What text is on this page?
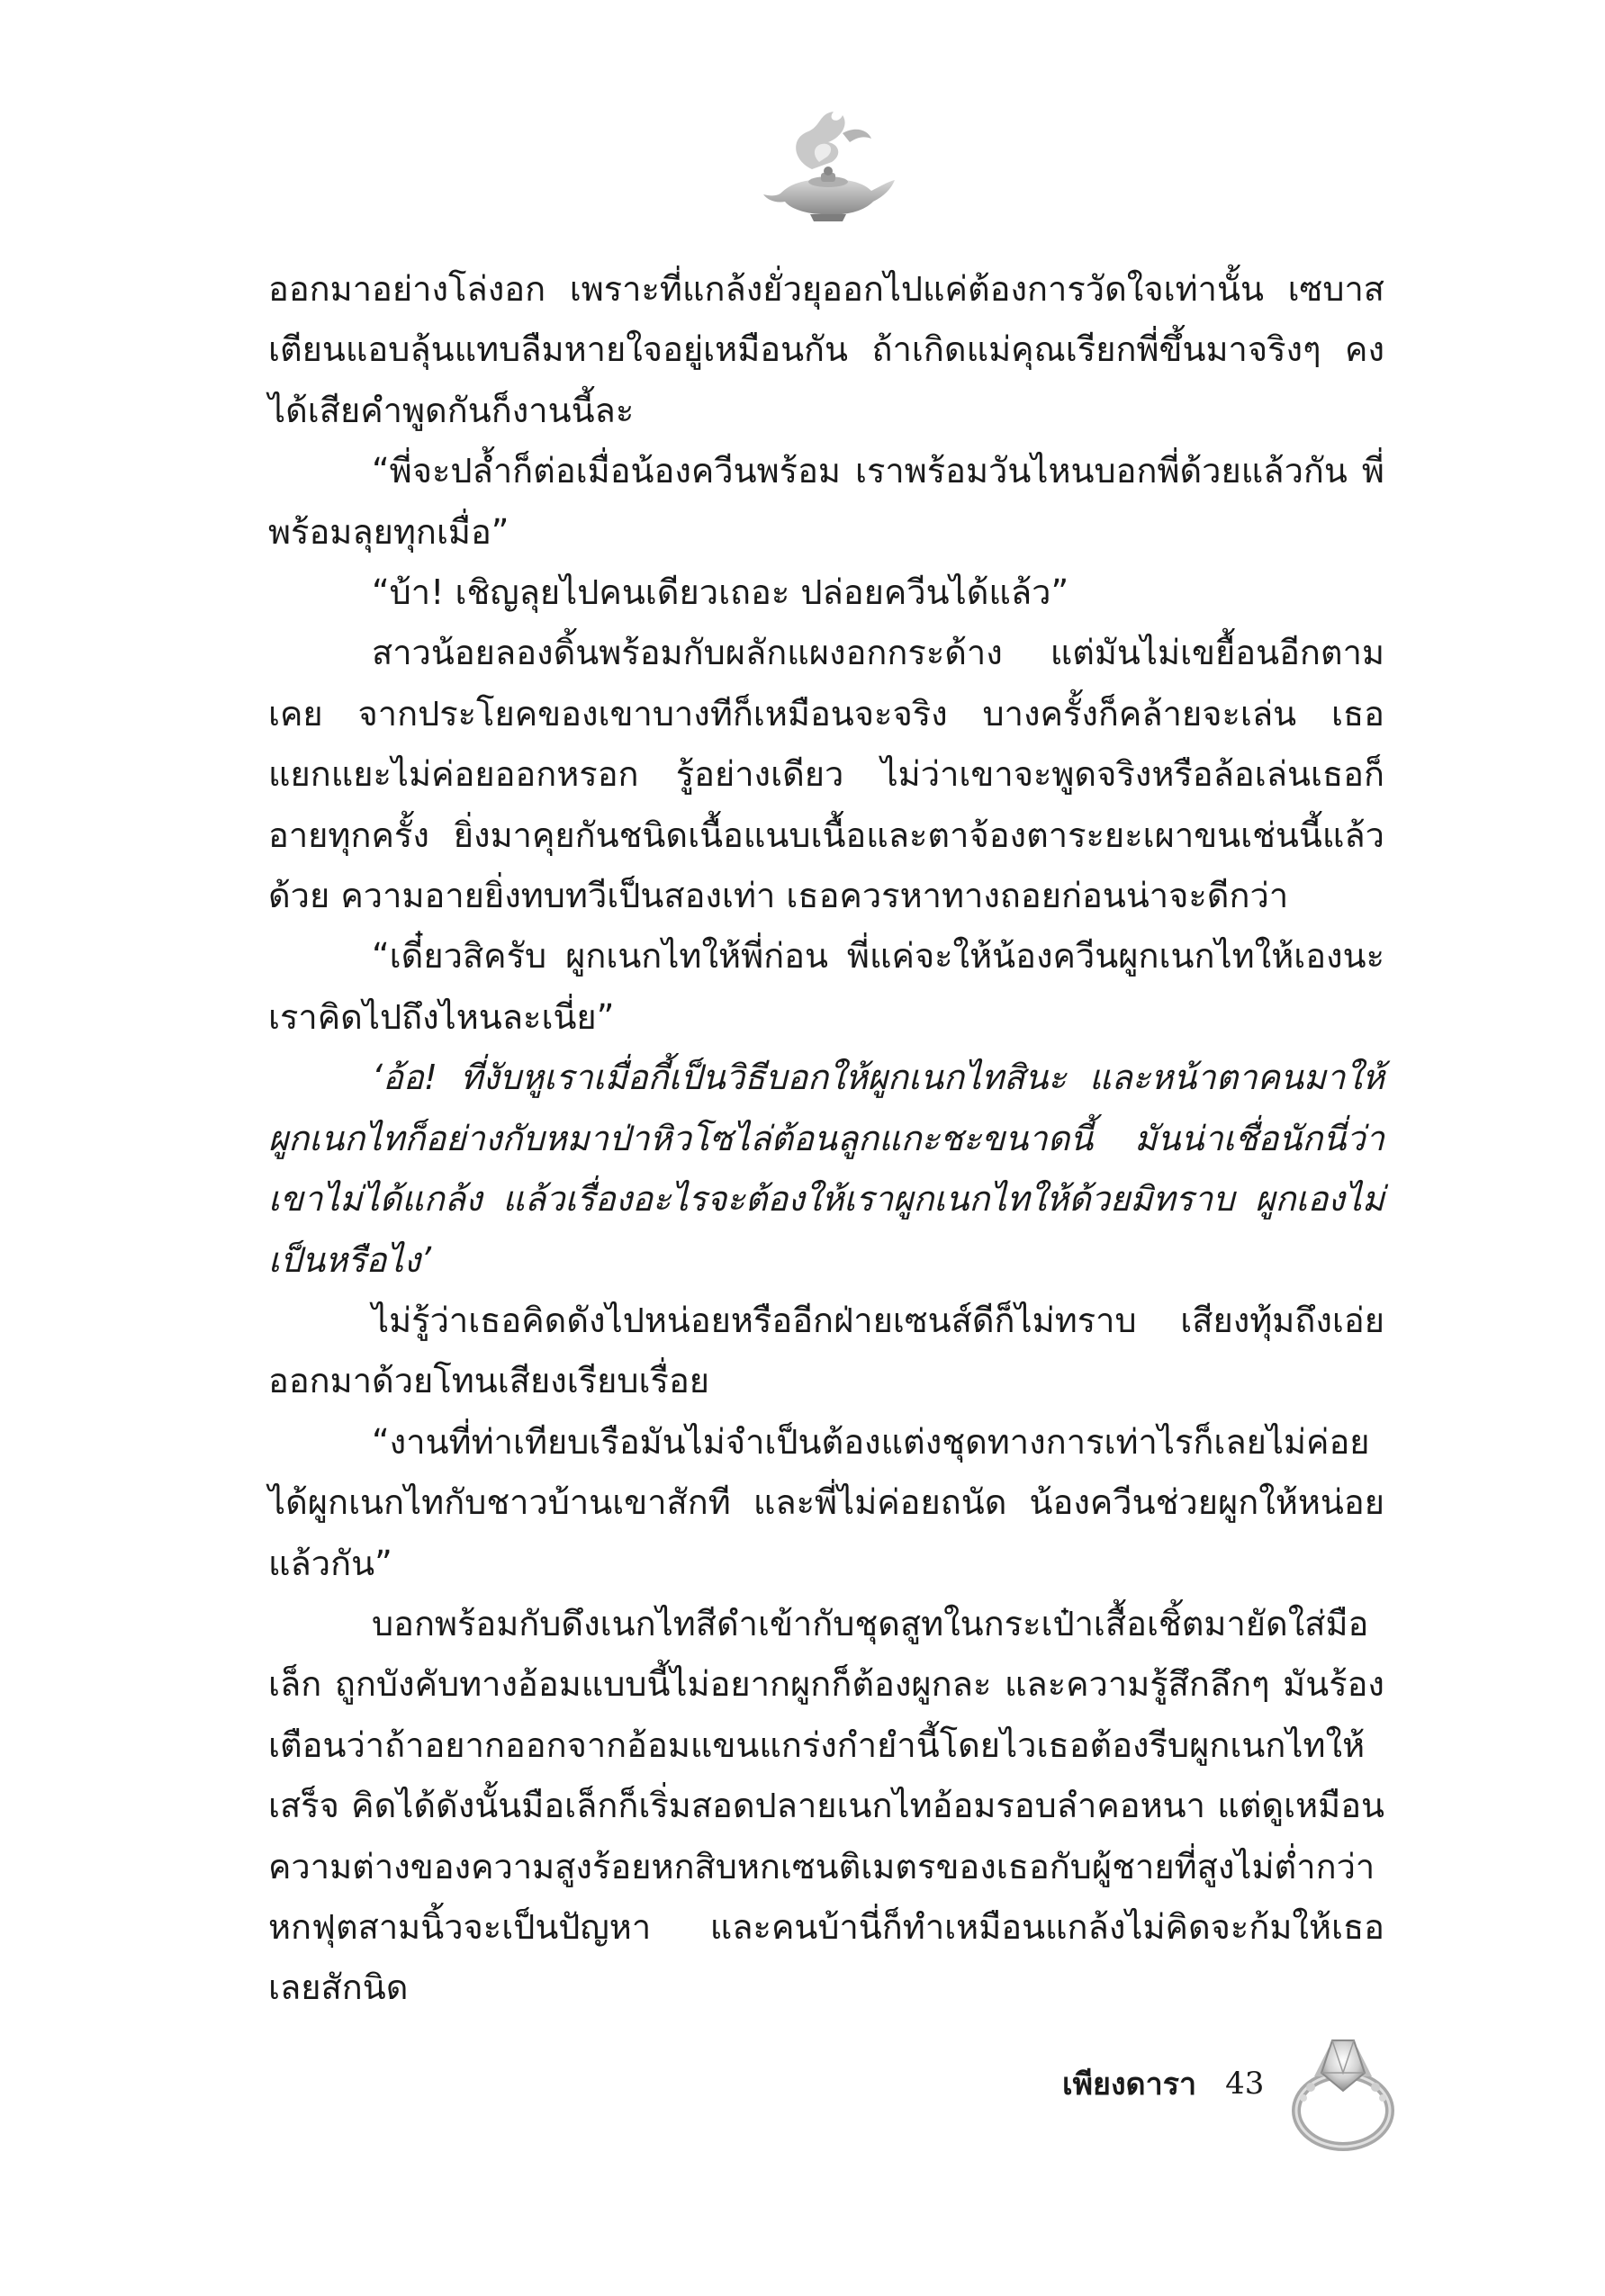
ออกมาอย่างโล่งอก เพราะที่แกล้งยั่วยุออกไปแค่ต้องการวัดใจเท่านั้น เซบาสเตียนแอบลุ้นแทบลืมหายใจอยู่เหมือนกัน ถ้าเกิดแม่คุณเรียกพี่ขึ้นมาจริงๆ คงได้เสียคำพูดกันก็งานนี้ละ

“พี่จะปล้ำก็ต่อเมื่อน้องควีนพร้อม เราพร้อมวันไหนบอกพี่ด้วยแล้วกัน พี่พร้อมลุยทุกเมื่อ”

“บ้า! เชิญลุยไปคนเดียวเถอะ ปล่อยควีนได้แล้ว”

สาวน้อยลองดิ้นพร้อมกับผลักแผงอกกระด้าง แต่มันไม่เขยื้อนอีกตามเคย จากประโยคของเขาบางทีก็เหมือนจะจริง บางครั้งก็คล้ายจะเล่น เธอแยกแยะไม่ค่อยออกหรอก รู้อย่างเดียว ไม่ว่าเขาจะพูดจริงหรือล้อเล่นเธอก็อายทุกครั้ง ยิ่งมาคุยกันชนิดเนื้อแนบเนื้อและตาจ้องตาระยะเผาขนเช่นนี้แล้วด้วย ความอายยิ่งทบทวีเป็นสองเท่า เธอควรหาทางถอยก่อนน่าจะดีกว่า

“เดี๋ยวสิครับ ผูกเนกไทให้พี่ก่อน พี่แค่จะให้น้องควีนผูกเนกไทให้เองนะ เราคิดไปถึงไหนละเนี่ย”

‘อ้อ! ที่งับหูเราเมื่อกี้เป็นวิธีบอกให้ผูกเนกไทสินะ และหน้าตาคนมาให้ผูกเนกไทก็อย่างกับหมาป่าหิวโซไล่ต้อนลูกแกะชะขนาดนี้ มันน่าเชื่อนักนี่ว่าเขาไม่ได้แกล้ง แล้วเรื่องอะไรจะต้องให้เราผูกเนกไทให้ด้วยมิทราบ ผูกเองไม่เป็นหรือไง’

ไม่รู้ว่าเธอคิดดังไปหน่อยหรืออีกฝ่ายเซนส์ดีก็ไม่ทราบ เสียงทุ้มถึงเอ่ยออกมาด้วยโทนเสียงเรียบเรื่อย

“งานที่ท่าเทียบเรือมันไม่จำเป็นต้องแต่งชุดทางการเท่าไรก็เลยไม่ค่อยได้ผูกเนกไทกับชาวบ้านเขาสักที และพี่ไม่ค่อยถนัด น้องควีนช่วยผูกให้หน่อยแล้วกัน”

บอกพร้อมกับดึงเนกไทสีดำเข้ากับชุดสูทในกระเป๋าเสื้อเชิ้ตมายัดใส่มือเล็ก ถูกบังคับทางอ้อมแบบนี้ไม่อยากผูกก็ต้องผูกละ และความรู้สึกลึกๆ มันร้องเตือนว่าถ้าอยากออกจากอ้อมแขนแกร่งกำยำนี้โดยไวเธอต้องรีบผูกเนกไทให้เสร็จ คิดได้ดังนั้นมือเล็กก็เริ่มสอดปลายเนกไทอ้อมรอบลำคอหนา แต่ดูเหมือนความต่างของความสูงร้อยหกสิบหกเซนติเมตรของเธอกับผู้ชายที่สูงไม่ต่ำกว่าหกฟุตสามนิ้วจะเป็นปัญหา และคนบ้านี่ก็ทำเหมือนแกล้งไม่คิดจะก้มให้เธอเลยสักนิด

เพียงดารา 43
